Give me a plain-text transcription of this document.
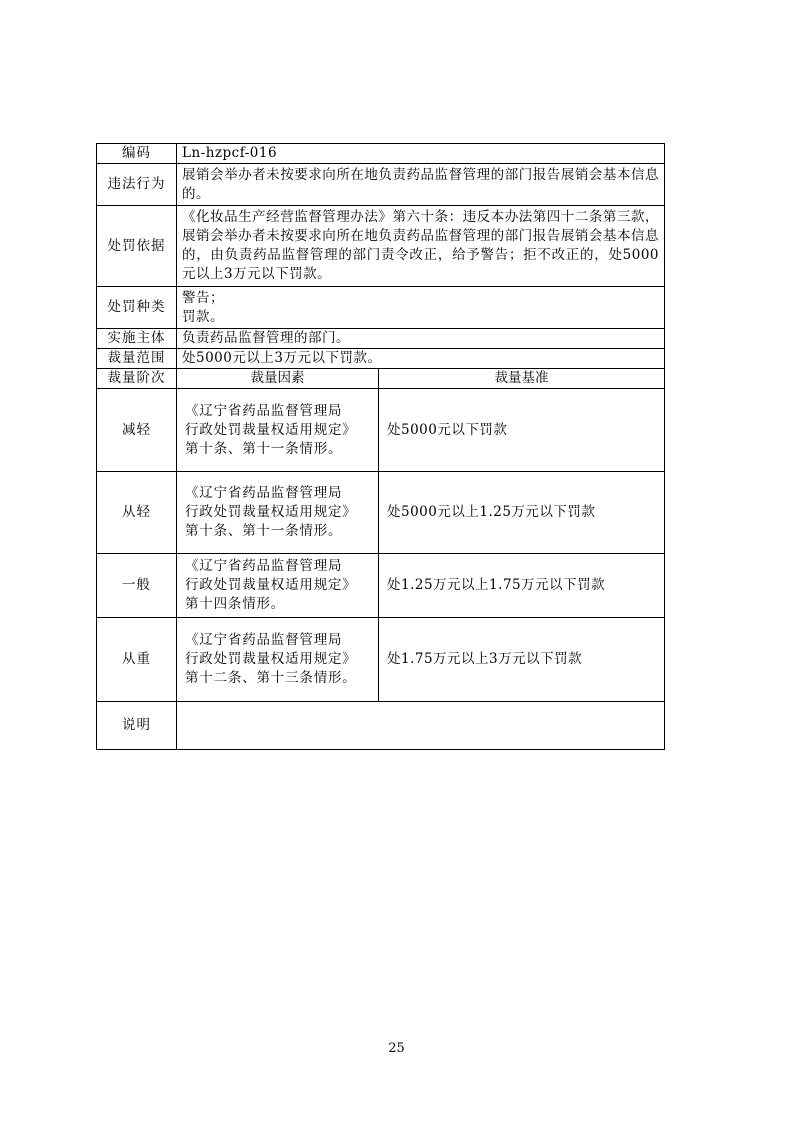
编码	Ln-hzpcf-016	
违法行为	展销会举办者未按要求向所在地负责药品监督管理的部门报告展销会基本信息的。	
处罚依据	《化妆品生产经营监督管理办法》第六十条：违反本办法第四十二条第三款，展销会举办者未按要求向所在地负责药品监督管理的部门报告展销会基本信息的，由负责药品监督管理的部门责令改正，给予警告；拒不改正的，处5000元以上3万元以下罚款。	
处罚种类	警告；
罚款。	

实施主体	负责药品监督管理的部门。	
裁量范围	处5000元以上3万元以下罚款。	
裁量阶次	裁量因素	裁量基准
减轻	《辽宁省药品监督管理局
行政处罚裁量权适用规定》
第十条、第十一条情形。	处5000元以下罚款
从轻	《辽宁省药品监督管理局
行政处罚裁量权适用规定》
第十条、第十一条情形。	处5000元以上1.25万元以下罚款
一般	《辽宁省药品监督管理局
行政处罚裁量权适用规定》
第十四条情形。	处1.25万元以上1.75万元以下罚款
从重	《辽宁省药品监督管理局
行政处罚裁量权适用规定》
第十二条、第十三条情形。	处1.75万元以上3万元以下罚款
说明		
25
